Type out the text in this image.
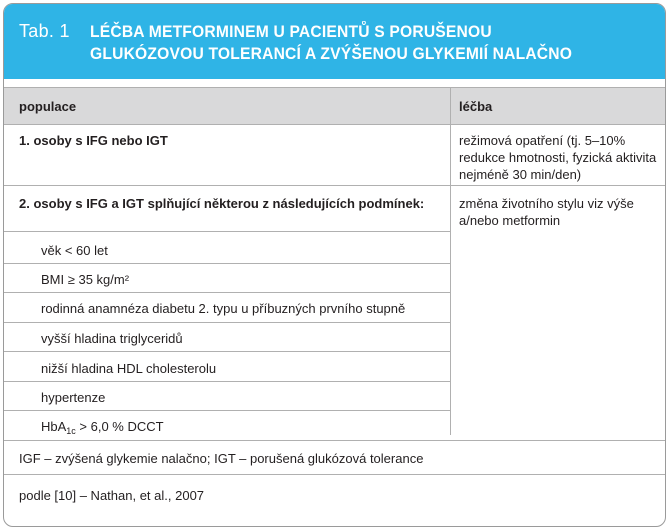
Tab. 1 LÉČBA METFORMINEM U PACIENTŮ S PORUŠENOU GLUKÓZOVOU TOLERANCÍ A ZVÝŠENOU GLYKEMIÍ NALAČNO
populace	léčba
1. osoby s IFG nebo IGT	režimová opatření (tj. 5–10% redukce hmotnosti, fyzická aktivita nejméně 30 min/den)
2. osoby s IFG a IGT splňující některou z následujících podmínek:	změna životního stylu viz výše a/nebo metformin
věk < 60 let
BMI ≥ 35 kg/m²
rodinná anamnéza diabetu 2. typu u příbuzných prvního stupně
vyšší hladina triglyceridů
nižší hladina HDL cholesterolu
hypertenze
HbA$_{1c}$ > 6,0 % DCCT
IGF – zvýšená glykemie nalačno; IGT – porušená glukózová tolerance
podle [10] – Nathan, et al., 2007
